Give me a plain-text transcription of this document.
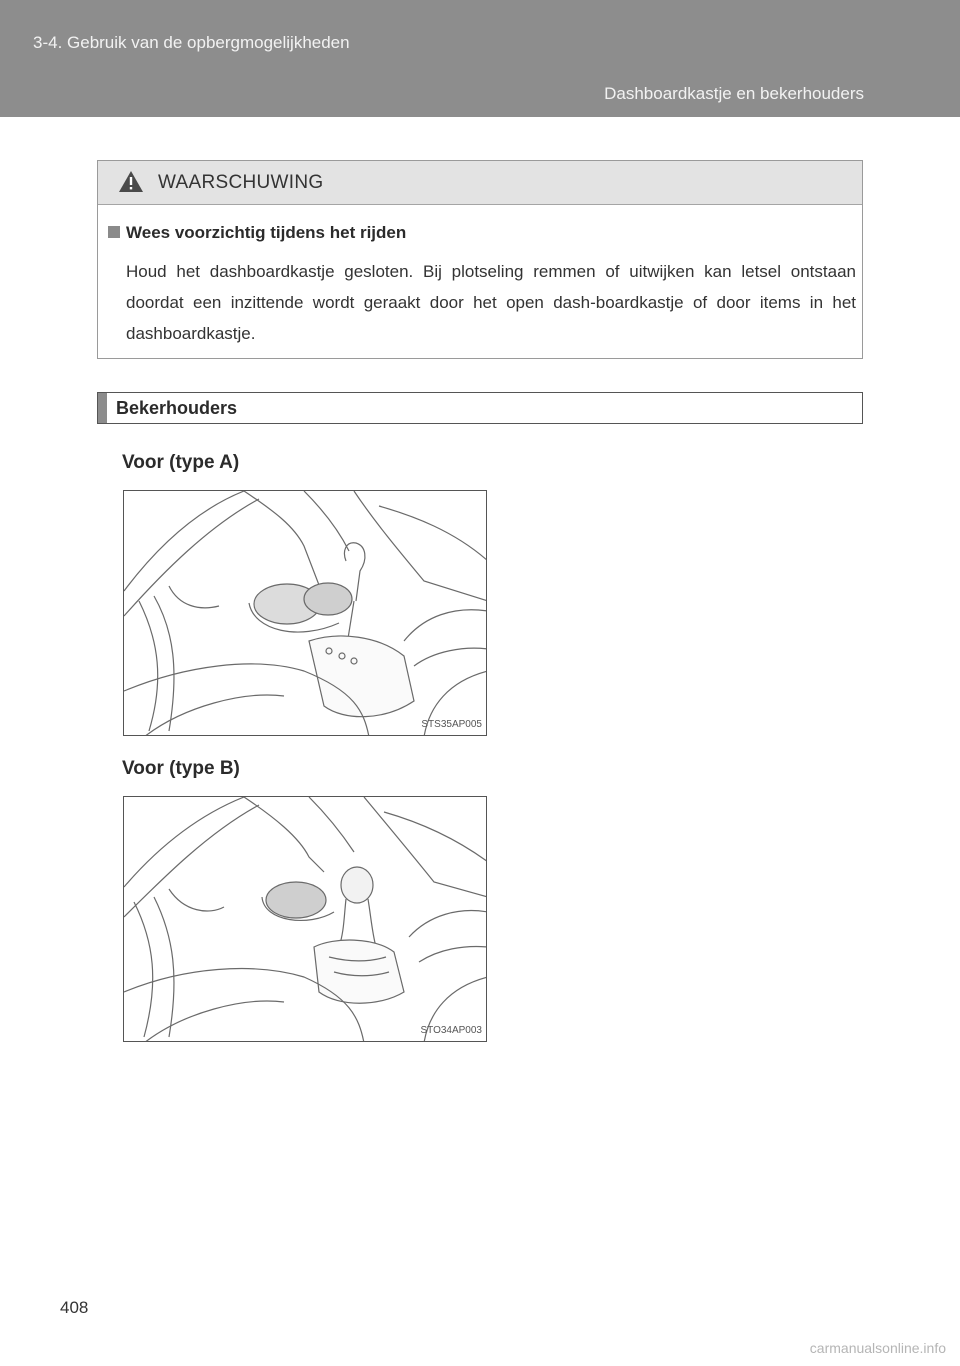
3-4. Gebruik van de opbergmogelijkheden
Dashboardkastje en bekerhouders
WAARSCHUWING
Wees voorzichtig tijdens het rijden
Houd het dashboardkastje gesloten. Bij plotseling remmen of uitwijken kan letsel ontstaan doordat een inzittende wordt geraakt door het open dash-boardkastje of door items in het dashboardkastje.
Bekerhouders
Voor (type A)
STS35AP005
Voor (type B)
STO34AP003
408
carmanualsonline.info
